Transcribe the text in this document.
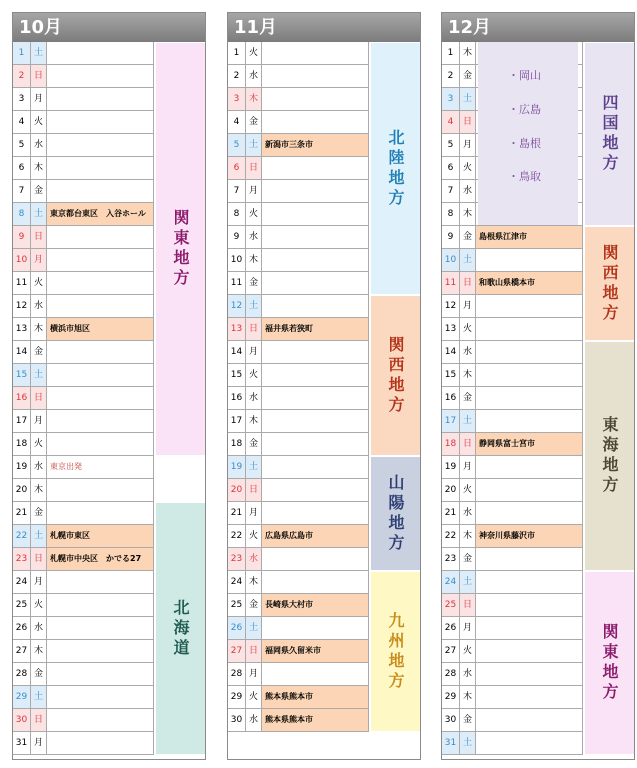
10月
1	土
2	日
3	月
4	火
5	水
6	木
7	金
8	土 東京都台東区　入谷ホール
9	日
10 月
11 火
12 水
13 木 横浜市旭区
14 金
15 土
16 日
17 月
18 火
19 水 東京出発
20 木
21 金
22 土 札幌市東区
23 日 札幌市中央区　かでる27
24 月
25 火
26 水
27 木
28 金
29 土
30 日
31 月
関東地方
北海道
11月
1	火
2	水
3	木
4	金
5	土 新潟市三条市
6	日
7	月
8	火
9	水
10 木
11 金
12 土
13 日 福井県若狭町
14 月
15 火
16 水
17 木
18 金
19 土
20 日
21 月
22 火 広島県広島市
23 水
24 木
25 金 長崎県大村市
26 土
27 日 福岡県久留米市
28 月
29 火 熊本県熊本市
30 水 熊本県熊本市
北陸地方
関西地方
山陽地方
九州地方
12月
1	木
2	金
3	土
4	日
5	月
6	火
7	水
8	木
9	金 島根県江津市
10 土
11 日 和歌山県橋本市
12 月
13 火
14 水
15 木
16 金
17 土
18 日 静岡県富士宮市
19 月
20 火
21 水
22 木 神奈川県藤沢市
23 金
24 土
25 日
26 月
27 火
28 水
29 木
30 金
31 土
・岡山
・広島
・島根
・鳥取
四国地方
関西地方
東海地方
関東地方
